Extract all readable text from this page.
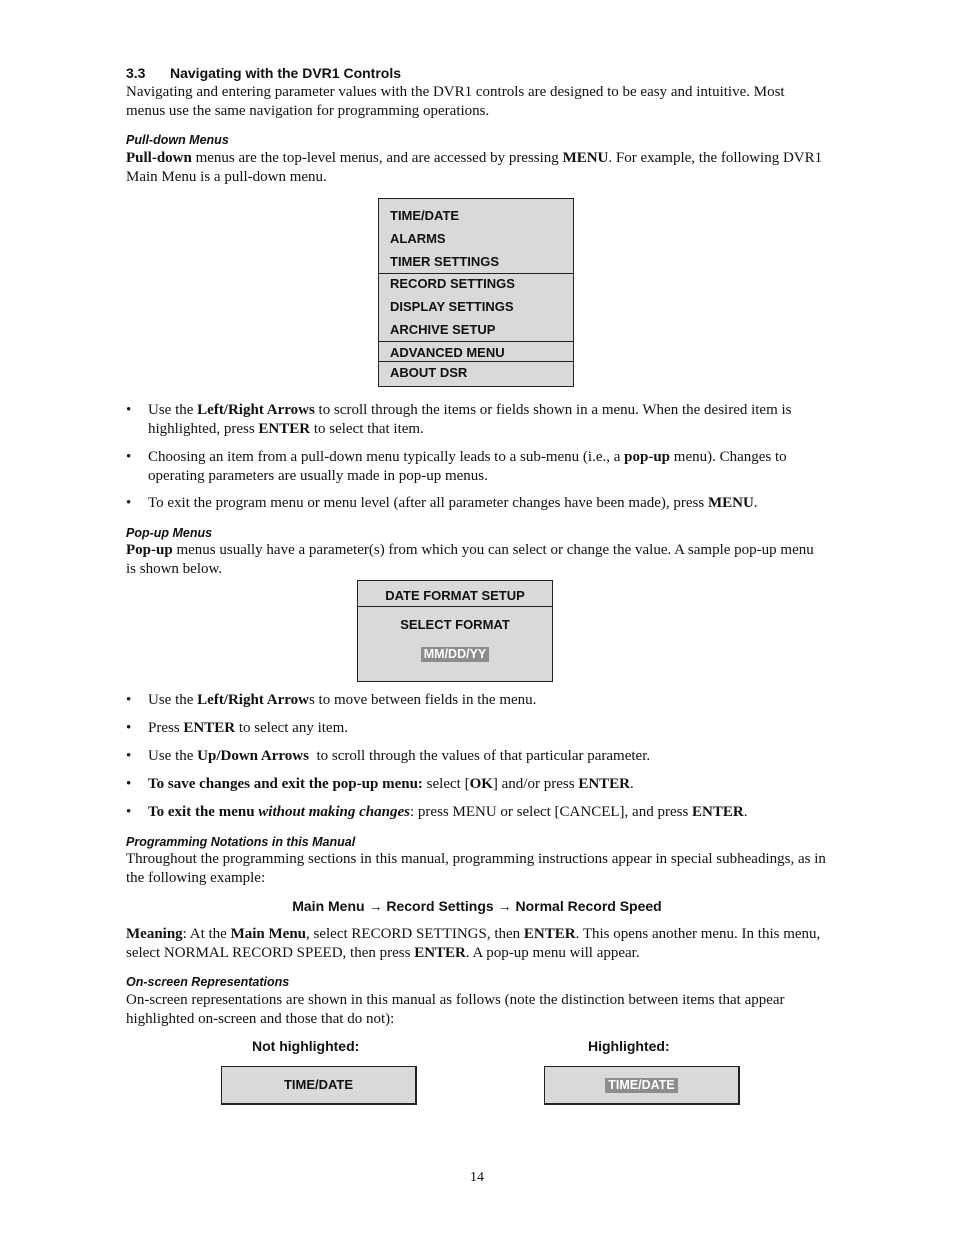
3.3 Navigating with the DVR1 Controls

Navigating and entering parameter values with the DVR1 controls are designed to be easy and intuitive. Most menus use the same navigation for programming operations.

Pull-down Menus

Pull-down menus are the top-level menus, and are accessed by pressing MENU. For example, the following DVR1 Main Menu is a pull-down menu.

TIME/DATE
ALARMS
TIMER SETTINGS
RECORD SETTINGS
DISPLAY SETTINGS
ARCHIVE SETUP
ADVANCED MENU
ABOUT DSR
• Use the Left/Right Arrows to scroll through the items or fields shown in a menu. When the desired item is highlighted, press ENTER to select that item.
• Choosing an item from a pull-down menu typically leads to a sub-menu (i.e., a pop-up menu). Changes to operating parameters are usually made in pop-up menus.
• To exit the program menu or menu level (after all parameter changes have been made), press MENU.
Pop-up Menus

Pop-up menus usually have a parameter(s) from which you can select or change the value. A sample pop-up menu is shown below.

DATE FORMAT SETUP
SELECT FORMAT
MM/DD/YY
• Use the Left/Right Arrows to move between fields in the menu.
• Press ENTER to select any item.
• Use the Up/Down Arrows  to scroll through the values of that particular parameter.
• To save changes and exit the pop-up menu: select [OK] and/or press ENTER.
• To exit the menu without making changes: press MENU or select [CANCEL], and press ENTER.
Programming Notations in this Manual

Throughout the programming sections in this manual, programming instructions appear in special subheadings, as in the following example:

Main Menu → Record Settings → Normal Record Speed

Meaning: At the Main Menu, select RECORD SETTINGS, then ENTER. This opens another menu. In this menu, select NORMAL RECORD SPEED, then press ENTER. A pop-up menu will appear.

On-screen Representations

On-screen representations are shown in this manual as follows (note the distinction between items that appear highlighted on-screen and those that do not):

Not highlighted:	Highlighted:
TIME/DATE	TIME/DATE
14
